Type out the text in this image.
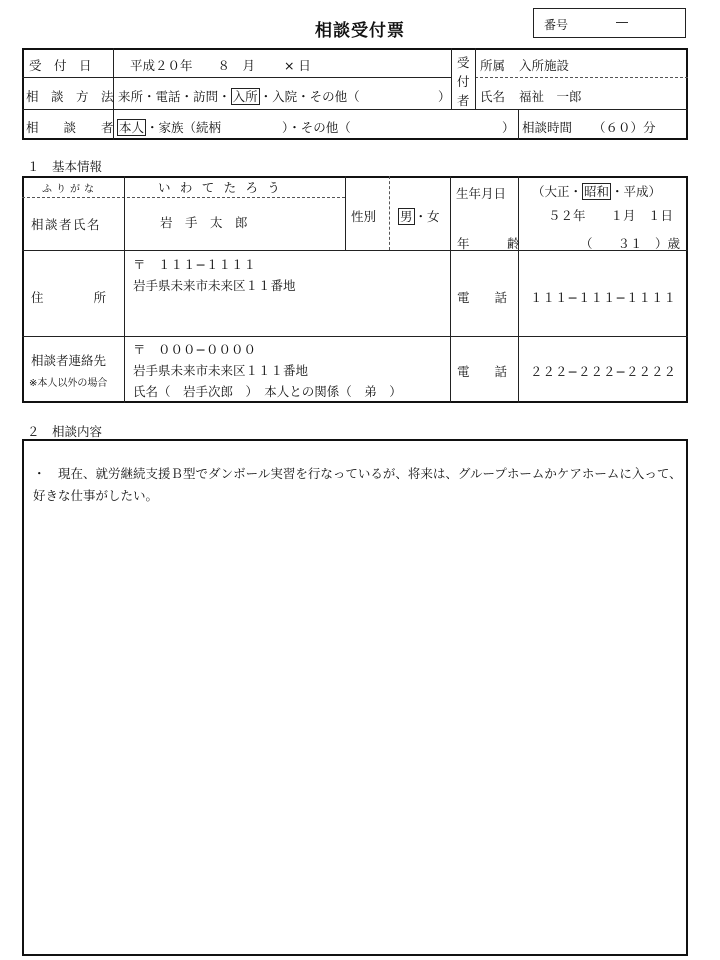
相談受付票	番号	―
受　付　日	平成２０年　　８　月　　 × 日
相　談　方　法 来所・電話・訪問・ 入所 ・入院・その他（	）
相　　談　　者 本人 ・家族（続柄	）・その他（	）
受
付
者
所属 入所施設
氏名 福祉　一郎
相談時間 （６０）分
１　基本情報
ふりがな	いわてたろう
相談者氏名	岩　手　太　郎	性別 男 ・女
生年月日 （大正・ 昭和 ・平成）
５２年　　１月　１日
年　　　齢	（　　３１　）歳
住　　　　所
〒　１１１−１１１１
岩手県未来市未来区１１番地
電　　話 １１１−１１１−１１１１
相談者連絡先
※本人以外の場合
〒　０００−００００
岩手県未来市未来区１１１番地
氏名（　岩手次郎　）　本人との関係（　弟　）
電　　話 ２２２−２２２−２２２２
２　相談内容
・　現在、就労継続支援Ｂ型でダンボール実習を行なっているが、将来は、グループホームかケアホームに入って、好きな仕事がしたい。
